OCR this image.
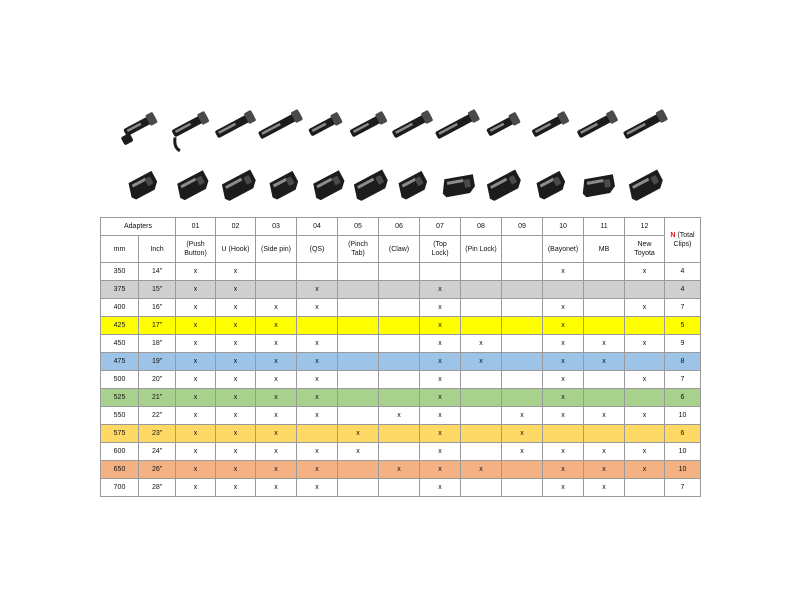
Adapters		01	02	03	04	05	06	07	08	09	10	11	12	N (Total
Clips)
mm	Inch	(Push
Button)	U (Hook)	(Side pin)	(QS)	(Pinch
Tab)	(Claw)	(Top
Lock)	(Pin Lock)		(Bayonet)	MB	New
Toyota	
350	14”	x	x								x		x	4
375	15”	x	x		x			x						4
400	16”	x	x	x	x			x			x		x	7
425	17”	x	x	x				x			x			5
450	18”	x	x	x	x			x	x		x	x	x	9
475	19”	x	x	x	x			x	x		x	x		8
500	20”	x	x	x	x			x			x		x	7
525	21”	x	x	x	x			x			x			6
550	22”	x	x	x	x		x	x		x	x	x	x	10
575	23”	x	x	x		x		x		x				6
600	24”	x	x	x	x	x		x		x	x	x	x	10
650	26”	x	x	x	x		x	x	x		x	x	x	10
700	28”	x	x	x	x			x			x	x		7
